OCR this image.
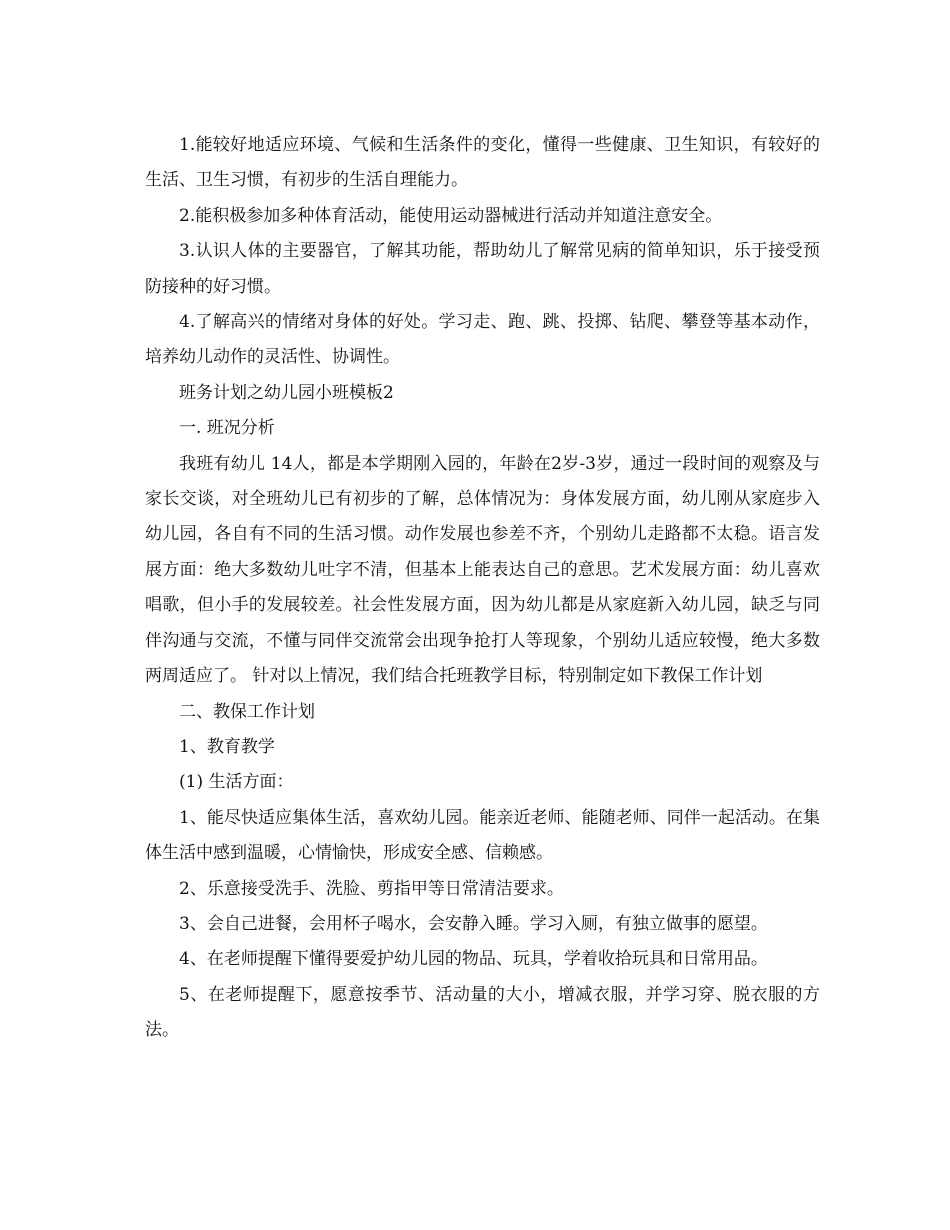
1.能较好地适应环境、气候和生活条件的变化，懂得一些健康、卫生知识，有较好的生活、卫生习惯，有初步的生活自理能力。

2.能积极参加多种体育活动，能使用运动器械进行活动并知道注意安全。

3.认识人体的主要器官，了解其功能，帮助幼儿了解常见病的简单知识，乐于接受预防接种的好习惯。

4.了解高兴的情绪对身体的好处。学习走、跑、跳、投掷、钻爬、攀登等基本动作，培养幼儿动作的灵活性、协调性。

班务计划之幼儿园小班模板2

一. 班况分析

我班有幼儿 14人，都是本学期刚入园的，年龄在2岁-3岁，通过一段时间的观察及与家长交谈，对全班幼儿已有初步的了解，总体情况为：身体发展方面，幼儿刚从家庭步入幼儿园，各自有不同的生活习惯。动作发展也参差不齐，个别幼儿走路都不太稳。语言发展方面：绝大多数幼儿吐字不清，但基本上能表达自己的意思。艺术发展方面：幼儿喜欢唱歌，但小手的发展较差。社会性发展方面，因为幼儿都是从家庭新入幼儿园，缺乏与同伴沟通与交流，不懂与同伴交流常会出现争抢打人等现象，个别幼儿适应较慢，绝大多数两周适应了。 针对以上情况，我们结合托班教学目标，特别制定如下教保工作计划

二、教保工作计划

1、教育教学

(1) 生活方面：

1、能尽快适应集体生活，喜欢幼儿园。能亲近老师、能随老师、同伴一起活动。在集体生活中感到温暖，心情愉快，形成安全感、信赖感。

2、乐意接受洗手、洗脸、剪指甲等日常清洁要求。

3、会自己进餐，会用杯子喝水，会安静入睡。学习入厕，有独立做事的愿望。

4、在老师提醒下懂得要爱护幼儿园的物品、玩具，学着收拾玩具和日常用品。

5、在老师提醒下，愿意按季节、活动量的大小，增减衣服，并学习穿、脱衣服的方法。
